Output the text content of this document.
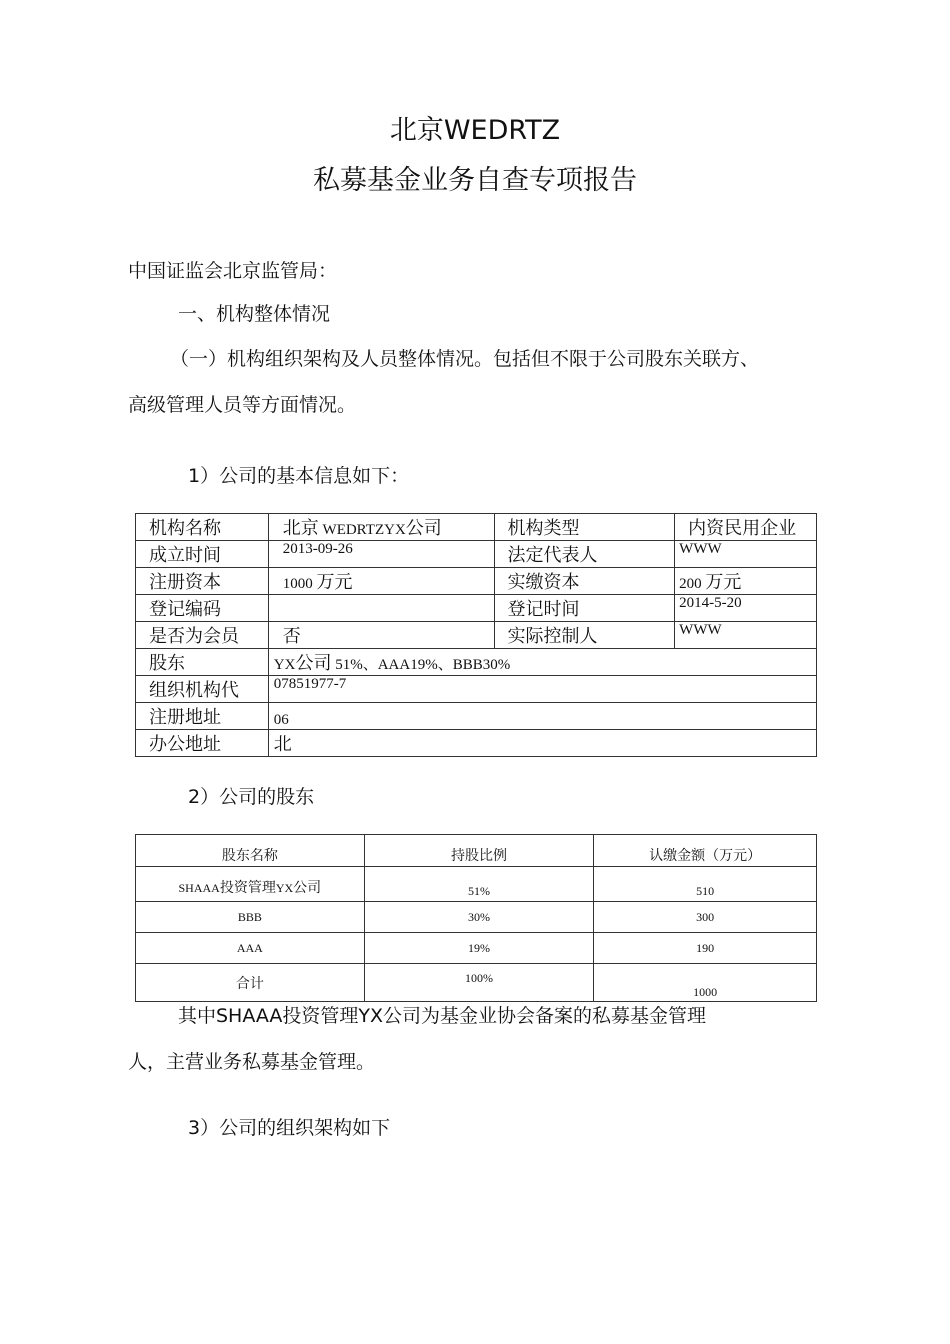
北京WEDRTZ
私募基金业务自查专项报告
中国证监会北京监管局：
一、机构整体情况
（一）机构组织架构及人员整体情况。包括但不限于公司股东关联方、
高级管理人员等方面情况。
1）公司的基本信息如下：
机构名称	北京 WEDRTZYX公司	机构类型	内资民用企业
成立时间	2013-09-26	法定代表人	WWW
注册资本	1000 万元	实缴资本	200 万元
登记编码		登记时间	2014-5-20
是否为会员	否	实际控制人	WWW
股东	YX公司 51%、AAA19%、BBB30%		
组织机构代	07851977-7		
注册地址	06		
办公地址	北		
2）公司的股东
股东名称	持股比例	认缴金额（万元）
SHAAA投资管理YX公司	51%	510
BBB	30%	300
AAA	19%	190
合计	100%	1000
其中SHAAA投资管理YX公司为基金业协会备案的私募基金管理
人，主营业务私募基金管理。
3）公司的组织架构如下
